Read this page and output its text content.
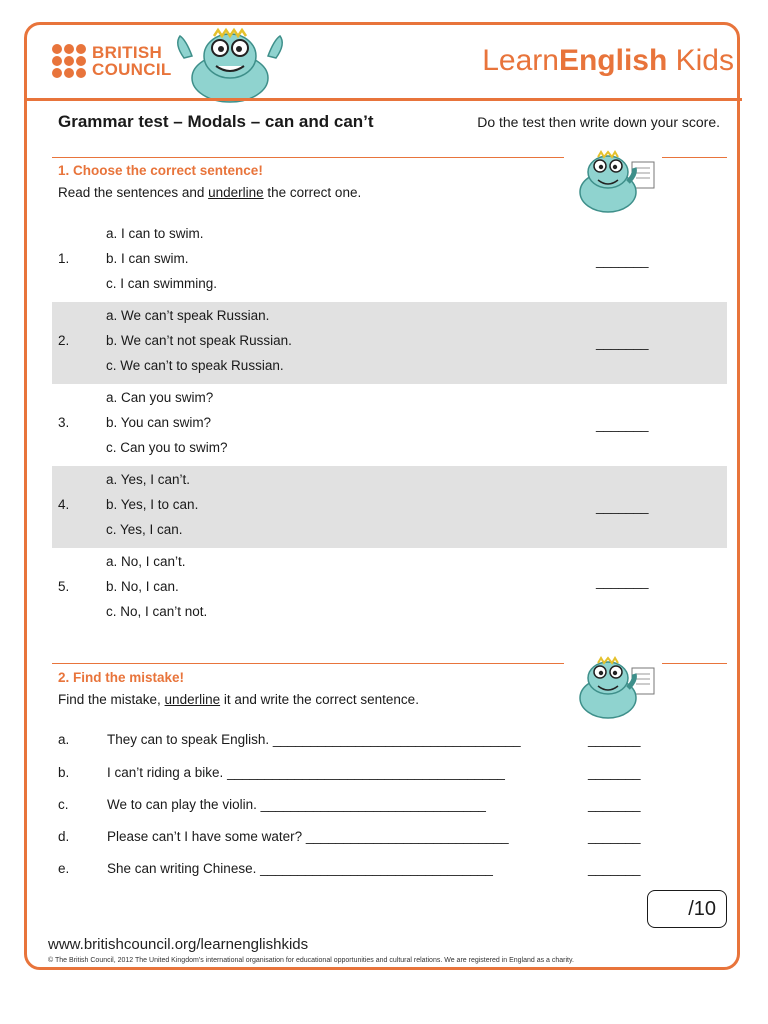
BRITISH
COUNCIL	LearnEnglish Kids
Grammar test – Modals – can and can’t	Do the test then write down your score.
1. Choose the correct sentence!
Read the sentences and underline the correct one.
1.
a. I can to swim.
b. I can swim.
c. I can swimming.
_______
2.
a. We can’t speak Russian.
b. We can’t not speak Russian.
c. We can’t to speak Russian.
_______
3.
a. Can you swim?
b. You can swim?
c. Can you to swim?
_______
4.
a. Yes, I can’t.
b. Yes, I to can.
c. Yes, I can.
_______
5.
a. No, I can’t.
b. No, I can.
c. No, I can’t not.
_______
2. Find the mistake!
Find the mistake, underline it and write the correct sentence.
a.	They can to speak English. _________________________________	_______
b.	I can’t riding a bike. _____________________________________	_______
c.	We to can play the violin. ______________________________	_______
d.	Please can’t I have some water? ___________________________	_______
e.	She can writing Chinese. _______________________________	_______
/10
www.britishcouncil.org/learnenglishkids
© The British Council, 2012 The United Kingdom’s international organisation for educational opportunities and cultural relations. We are registered in England as a charity.
